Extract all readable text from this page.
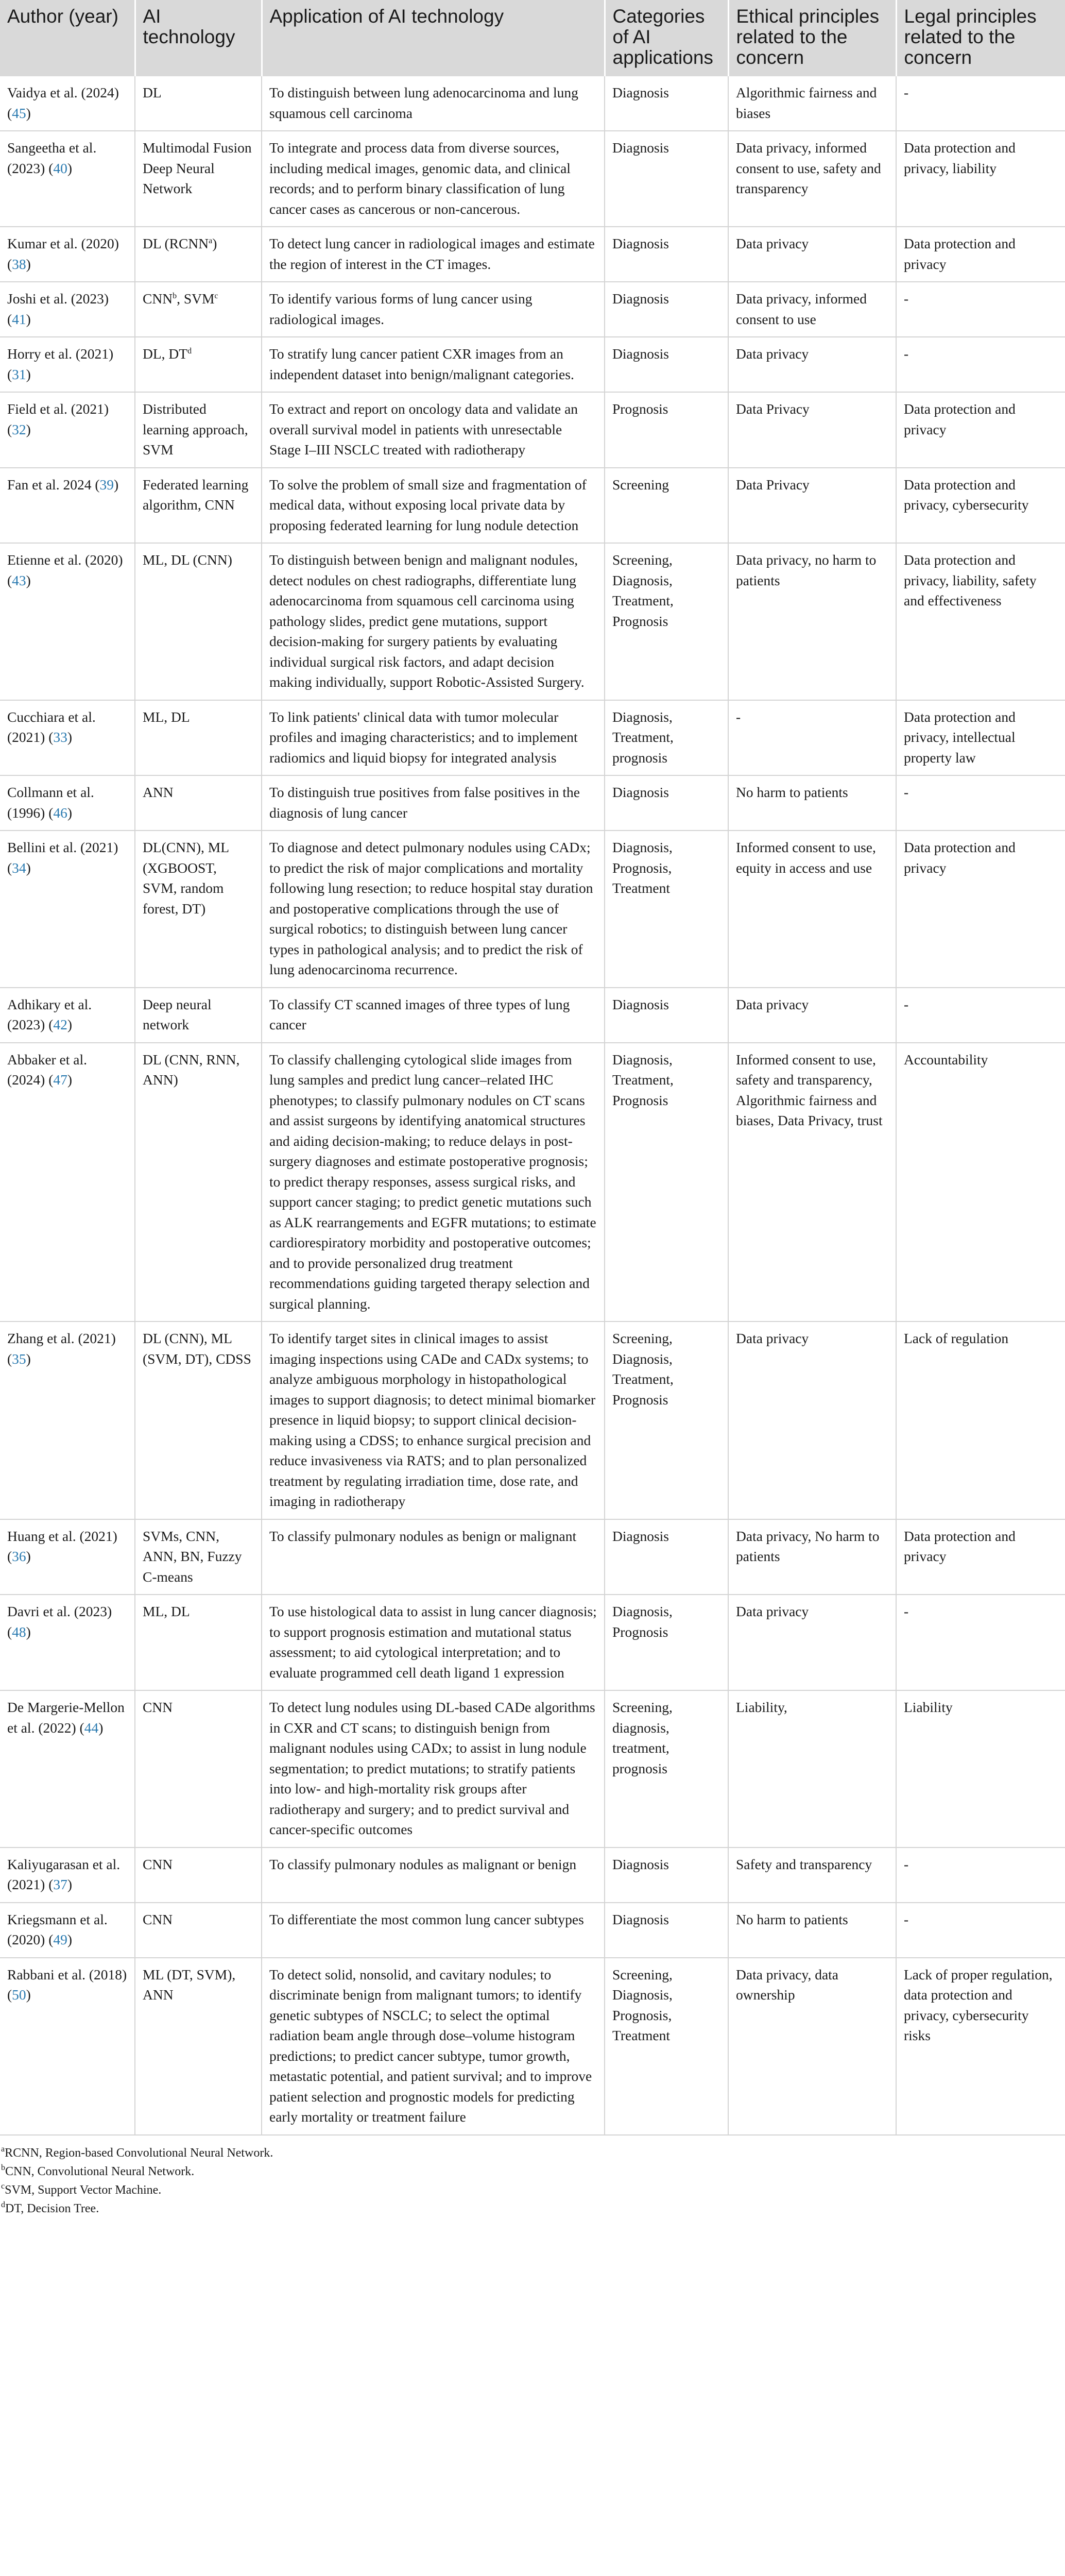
Author (year)	AI technology	Application of AI technology	Categories of AI applications	Ethical principles related to the concern	Legal principles related to the concern
Vaidya et al. (2024) (45)	DL	To distinguish between lung adenocarcinoma and lung squamous cell carcinoma	Diagnosis	Algorithmic fairness and biases	-
Sangeetha et al. (2023) (40)	Multimodal Fusion Deep Neural Network	To integrate and process data from diverse sources, including medical images, genomic data, and clinical records; and to perform binary classification of lung cancer cases as cancerous or non-cancerous.	Diagnosis	Data privacy, informed consent to use, safety and transparency	Data protection and privacy, liability
Kumar et al. (2020) (38)	DL (RCNN$^a$)	To detect lung cancer in radiological images and estimate the region of interest in the CT images.	Diagnosis	Data privacy	Data protection and privacy
Joshi et al. (2023) (41)	CNN$^b$, SVM$^c$	To identify various forms of lung cancer using radiological images.	Diagnosis	Data privacy, informed consent to use	-
Horry et al. (2021) (31)	DL, $DT^d$	To stratify lung cancer patient CXR images from an independent dataset into benign/malignant categories.	Diagnosis	Data privacy	-
Field et al. (2021) (32)	Distributed learning approach, SVM	To extract and report on oncology data and validate an overall survival model in patients with unresectable Stage I–III NSCLC treated with radiotherapy	Prognosis	Data Privacy	Data protection and privacy
Fan et al. 2024 (39)	Federated learning algorithm, CNN	To solve the problem of small size and fragmentation of medical data, without exposing local private data by proposing federated learning for lung nodule detection	Screening	Data Privacy	Data protection and privacy, cybersecurity
Etienne et al. (2020) (43)	ML, DL (CNN)	To distinguish between benign and malignant nodules, detect nodules on chest radiographs, differentiate lung adenocarcinoma from squamous cell carcinoma using pathology slides, predict gene mutations, support decision-making for surgery patients by evaluating individual surgical risk factors, and adapt decision making individually, support Robotic-Assisted Surgery.	Screening, Diagnosis, Treatment, Prognosis	Data privacy, no harm to patients	Data protection and privacy, liability, safety and effectiveness
Cucchiara et al. (2021) (33)	ML, DL	To link patients' clinical data with tumor molecular profiles and imaging characteristics; and to implement radiomics and liquid biopsy for integrated analysis	Diagnosis, Treatment, prognosis	-	Data protection and privacy, intellectual property law
Collmann et al. (1996) (46)	ANN	To distinguish true positives from false positives in the diagnosis of lung cancer	Diagnosis	No harm to patients	-
Bellini et al. (2021) (34)	DL(CNN), ML (XGBOOST, SVM, random forest, DT)	To diagnose and detect pulmonary nodules using CADx; to predict the risk of major complications and mortality following lung resection; to reduce hospital stay duration and postoperative complications through the use of surgical robotics; to distinguish between lung cancer types in pathological analysis; and to predict the risk of lung adenocarcinoma recurrence.	Diagnosis, Prognosis, Treatment	Informed consent to use, equity in access and use	Data protection and privacy
Adhikary et al. (2023) (42)	Deep neural network	To classify CT scanned images of three types of lung cancer	Diagnosis	Data privacy	-
Abbaker et al. (2024) (47)	DL (CNN, RNN, ANN)	To classify challenging cytological slide images from lung samples and predict lung cancer–related IHC phenotypes; to classify pulmonary nodules on CT scans and assist surgeons by identifying anatomical structures and aiding decision-making; to reduce delays in post-surgery diagnoses and estimate postoperative prognosis; to predict therapy responses, assess surgical risks, and support cancer staging; to predict genetic mutations such as ALK rearrangements and EGFR mutations; to estimate cardiorespiratory morbidity and postoperative outcomes; and to provide personalized drug treatment recommendations guiding targeted therapy selection and surgical planning.	Diagnosis, Treatment, Prognosis	Informed consent to use, safety and transparency, Algorithmic fairness and biases, Data Privacy, trust	Accountability
Zhang et al. (2021) (35)	DL (CNN), ML (SVM, DT), CDSS	To identify target sites in clinical images to assist imaging inspections using CADe and CADx systems; to analyze ambiguous morphology in histopathological images to support diagnosis; to detect minimal biomarker presence in liquid biopsy; to support clinical decision-making using a CDSS; to enhance surgical precision and reduce invasiveness via RATS; and to plan personalized treatment by regulating irradiation time, dose rate, and imaging in radiotherapy	Screening, Diagnosis, Treatment, Prognosis	Data privacy	Lack of regulation
Huang et al. (2021) (36)	SVMs, CNN, ANN, BN, Fuzzy C-means	To classify pulmonary nodules as benign or malignant	Diagnosis	Data privacy, No harm to patients	Data protection and privacy
Davri et al. (2023) (48)	ML, DL	To use histological data to assist in lung cancer diagnosis; to support prognosis estimation and mutational status assessment; to aid cytological interpretation; and to evaluate programmed cell death ligand 1 expression	Diagnosis, Prognosis	Data privacy	-
De Margerie-Mellon et al. (2022) (44)	CNN	To detect lung nodules using DL-based CADe algorithms in CXR and CT scans; to distinguish benign from malignant nodules using CADx; to assist in lung nodule segmentation; to predict mutations; to stratify patients into low- and high-mortality risk groups after radiotherapy and surgery; and to predict survival and cancer-specific outcomes	Screening, diagnosis, treatment, prognosis	Liability,	Liability
Kaliyugarasan et al. (2021) (37)	CNN	To classify pulmonary nodules as malignant or benign	Diagnosis	Safety and transparency	-
Kriegsmann et al. (2020) (49)	CNN	To differentiate the most common lung cancer subtypes	Diagnosis	No harm to patients	-
Rabbani et al. (2018) (50)	ML (DT, SVM), ANN	To detect solid, nonsolid, and cavitary nodules; to discriminate benign from malignant tumors; to identify genetic subtypes of NSCLC; to select the optimal radiation beam angle through dose–volume histogram predictions; to predict cancer subtype, tumor growth, metastatic potential, and patient survival; and to improve patient selection and prognostic models for predicting early mortality or treatment failure	Screening, Diagnosis, Prognosis, Treatment	Data privacy, data ownership	Lack of proper regulation, data protection and privacy, cybersecurity risks
$^a$RCNN, Region-based Convolutional Neural Network.
$^b$CNN, Convolutional Neural Network.
$^c$SVM, Support Vector Machine.
$^d$DT, Decision Tree.
